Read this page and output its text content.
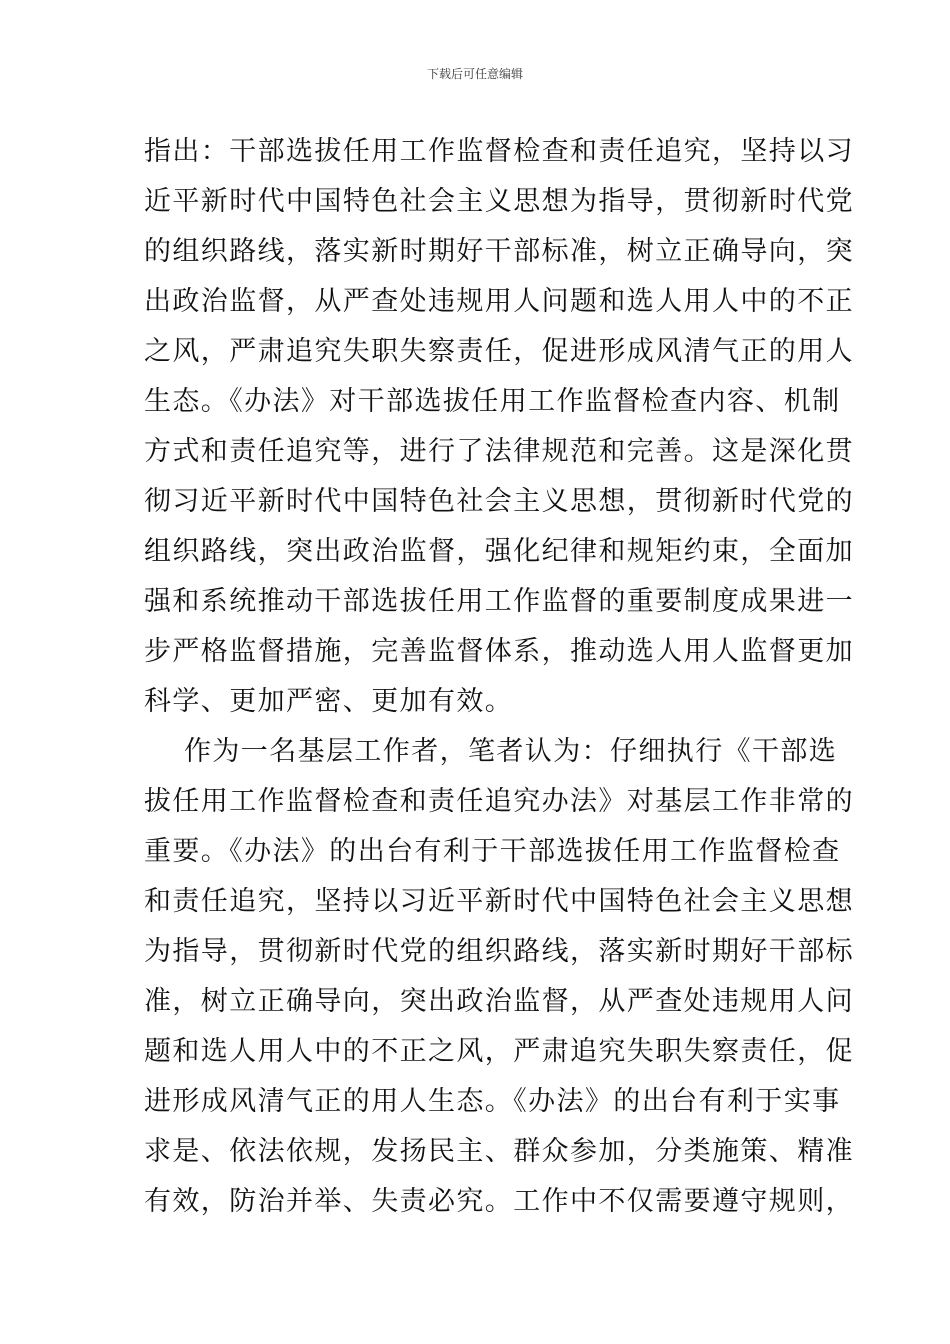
下载后可任意编辑
指出：干部选拔任用工作监督检查和责任追究，坚持以习
近平新时代中国特色社会主义思想为指导，贯彻新时代党
的组织路线，落实新时期好干部标准，树立正确导向，突
出政治监督，从严查处违规用人问题和选人用人中的不正
之风，严肃追究失职失察责任，促进形成风清气正的用人
生态。《办法》对干部选拔任用工作监督检查内容、机制
方式和责任追究等，进行了法律规范和完善。这是深化贯
彻习近平新时代中国特色社会主义思想，贯彻新时代党的
组织路线，突出政治监督，强化纪律和规矩约束，全面加
强和系统推动干部选拔任用工作监督的重要制度成果进一
步严格监督措施，完善监督体系，推动选人用人监督更加
科学、更加严密、更加有效。
作为一名基层工作者，笔者认为：仔细执行《干部选
拔任用工作监督检查和责任追究办法》对基层工作非常的
重要。《办法》的出台有利于干部选拔任用工作监督检查
和责任追究，坚持以习近平新时代中国特色社会主义思想
为指导，贯彻新时代党的组织路线，落实新时期好干部标
准，树立正确导向，突出政治监督，从严查处违规用人问
题和选人用人中的不正之风，严肃追究失职失察责任，促
进形成风清气正的用人生态。《办法》的出台有利于实事
求是、依法依规，发扬民主、群众参加，分类施策、精准
有效，防治并举、失责必究。工作中不仅需要遵守规则，
